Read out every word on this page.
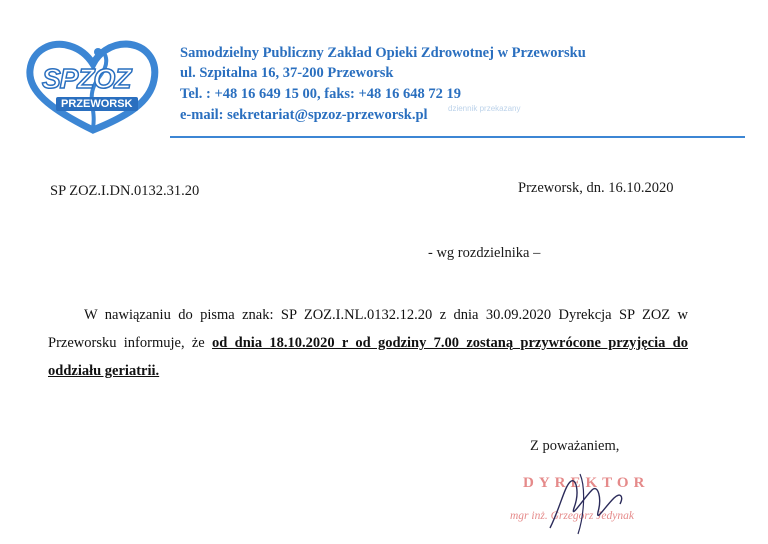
SPZOZ
PRZEWORSK
Samodzielny Publiczny Zakład Opieki Zdrowotnej w Przeworsku
ul. Szpitalna 16, 37-200 Przeworsk
Tel. : +48 16 649 15 00, faks: +48 16 648 72 19
e-mail: sekretariat@spzoz-przeworsk.pl	dziennik przekazany
SP ZOZ.I.DN.0132.31.20	Przeworsk, dn. 16.10.2020
- wg rozdzielnika –
W nawiązaniu do pisma znak: SP ZOZ.I.NL.0132.12.20 z dnia 30.09.2020 Dyrekcja SP ZOZ w Przeworsku informuje, że od dnia 18.10.2020 r od godziny 7.00 zostaną przywrócone przyjęcia do oddziału geriatrii.
Z poważaniem,
DYREKTOR
mgr inż. Grzegorz Jedynak
